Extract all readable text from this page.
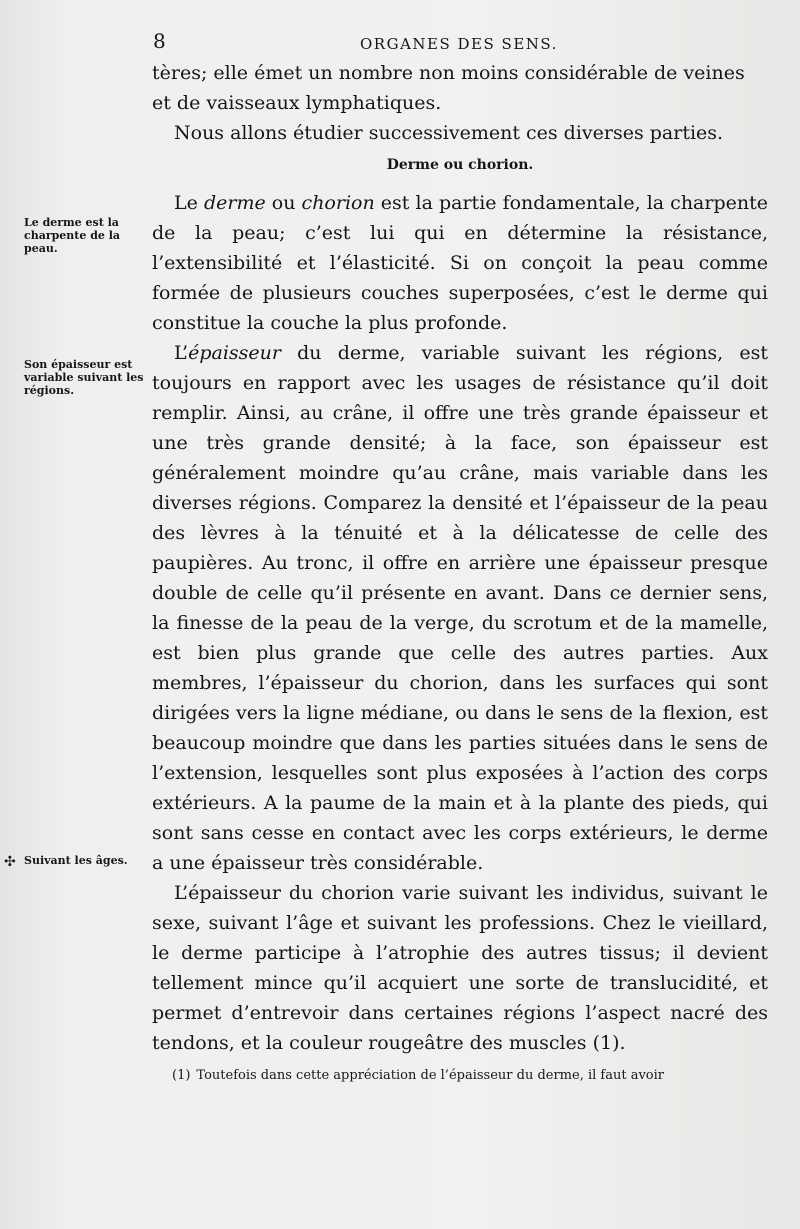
8	ORGANES DES SENS.
Le derme est la charpente de la peau.
Son épaisseur est variable suivant les régions.
✣ Suivant les âges.

tères; elle émet un nombre non moins considérable de veines

et de vaisseaux lymphatiques.

Nous allons étudier successivement ces diverses parties.

Derme ou chorion.

Le derme ou chorion est la partie fondamentale, la charpente de la peau; c’est lui qui en détermine la résistance, l’extensibilité et l’élasticité. Si on conçoit la peau comme formée de plusieurs couches superposées, c’est le derme qui constitue la couche la plus profonde.

L’épaisseur du derme, variable suivant les régions, est toujours en rapport avec les usages de résistance qu’il doit remplir. Ainsi, au crâne, il offre une très grande épaisseur et une très grande densité; à la face, son épaisseur est généralement moindre qu’au crâne, mais variable dans les diverses régions. Comparez la densité et l’épaisseur de la peau des lèvres à la ténuité et à la délicatesse de celle des paupières. Au tronc, il offre en arrière une épaisseur presque double de celle qu’il présente en avant. Dans ce dernier sens, la finesse de la peau de la verge, du scrotum et de la mamelle, est bien plus grande que celle des autres parties. Aux membres, l’épaisseur du chorion, dans les surfaces qui sont dirigées vers la ligne médiane, ou dans le sens de la flexion, est beaucoup moindre que dans les parties situées dans le sens de l’extension, lesquelles sont plus exposées à l’action des corps extérieurs. A la paume de la main et à la plante des pieds, qui sont sans cesse en contact avec les corps extérieurs, le derme a une épaisseur très considérable.

L’épaisseur du chorion varie suivant les individus, suivant le sexe, suivant l’âge et suivant les professions. Chez le vieillard, le derme participe à l’atrophie des autres tissus; il devient tellement mince qu’il acquiert une sorte de translucidité, et permet d’entrevoir dans certaines régions l’aspect nacré des tendons, et la couleur rougeâtre des muscles (1).

(1) Toutefois dans cette appréciation de l’épaisseur du derme, il faut avoir
